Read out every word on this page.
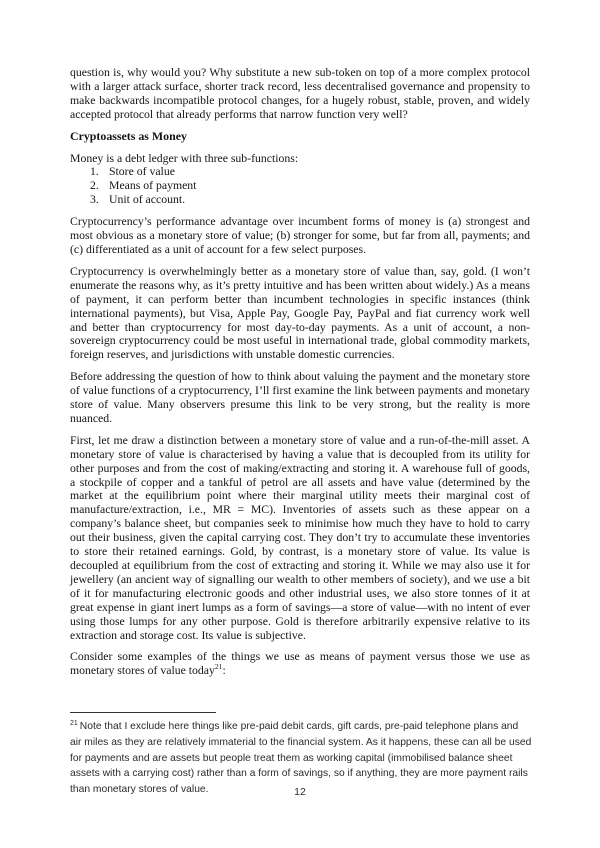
question is, why would you? Why substitute a new sub-token on top of a more complex protocol with a larger attack surface, shorter track record, less decentralised governance and propensity to make backwards incompatible protocol changes, for a hugely robust, stable, proven, and widely accepted protocol that already performs that narrow function very well?

Cryptoassets as Money

Money is a debt ledger with three sub-functions:

1. Store of value
2. Means of payment
3. Unit of account.

Cryptocurrency’s performance advantage over incumbent forms of money is (a) strongest and most obvious as a monetary store of value; (b) stronger for some, but far from all, payments; and (c) differentiated as a unit of account for a few select purposes.

Cryptocurrency is overwhelmingly better as a monetary store of value than, say, gold. (I won’t enumerate the reasons why, as it’s pretty intuitive and has been written about widely.) As a means of payment, it can perform better than incumbent technologies in specific instances (think international payments), but Visa, Apple Pay, Google Pay, PayPal and fiat currency work well and better than cryptocurrency for most day-to-day payments. As a unit of account, a non-sovereign cryptocurrency could be most useful in international trade, global commodity markets, foreign reserves, and jurisdictions with unstable domestic currencies.

Before addressing the question of how to think about valuing the payment and the monetary store of value functions of a cryptocurrency, I’ll first examine the link between payments and monetary store of value. Many observers presume this link to be very strong, but the reality is more nuanced.

First, let me draw a distinction between a monetary store of value and a run-of-the-mill asset. A monetary store of value is characterised by having a value that is decoupled from its utility for other purposes and from the cost of making/extracting and storing it. A warehouse full of goods, a stockpile of copper and a tankful of petrol are all assets and have value (determined by the market at the equilibrium point where their marginal utility meets their marginal cost of manufacture/extraction, i.e., MR = MC). Inventories of assets such as these appear on a company’s balance sheet, but companies seek to minimise how much they have to hold to carry out their business, given the capital carrying cost. They don’t try to accumulate these inventories to store their retained earnings. Gold, by contrast, is a monetary store of value. Its value is decoupled at equilibrium from the cost of extracting and storing it. While we may also use it for jewellery (an ancient way of signalling our wealth to other members of society), and we use a bit of it for manufacturing electronic goods and other industrial uses, we also store tonnes of it at great expense in giant inert lumps as a form of savings—a store of value—with no intent of ever using those lumps for any other purpose. Gold is therefore arbitrarily expensive relative to its extraction and storage cost. Its value is subjective.

Consider some examples of the things we use as means of payment versus those we use as monetary stores of value today$^{21}$:

$^{21}$ Note that I exclude here things like pre-paid debit cards, gift cards, pre-paid telephone plans and air miles as they are relatively immaterial to the financial system. As it happens, these can all be used for payments and are assets but people treat them as working capital (immobilised balance sheet assets with a carrying cost) rather than a form of savings, so if anything, they are more payment rails than monetary stores of value.	12
